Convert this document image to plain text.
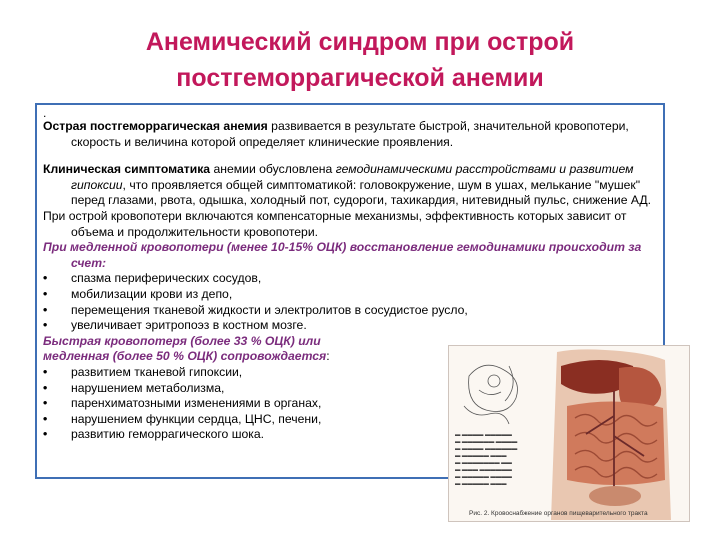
Анемический синдром при острой
постгеморрагической анемии
.

Острая постгеморрагическая анемия развивается в результате быстрой, значительной кровопотери, скорость и величина которой определяет клинические проявления.

Клиническая симптоматика анемии обусловлена гемодинамическими расстройствами и развитием гипоксии, что проявляется общей симптоматикой: головокружение, шум в ушах, мелькание "мушек" перед глазами, рвота, одышка, холодный пот, судороги, тахикардия, нитевидный пульс, снижение АД.

При острой кровопотери включаются компенсаторные механизмы, эффективность которых зависит от объема и продолжительности кровопотери.

При медленной кровопотери (менее 10-15% ОЦК) восстановление гемодинамики происходит за счет:

• спазма периферических сосудов,
• мобилизации крови из депо,
• перемещения тканевой жидкости и электролитов в сосудистое русло,
• увеличивает эритропоэз в костном мозге.

Быстрая кровопотеря (более 33 % ОЦК) или
медленная (более 50 % ОЦК) сопровождается:

• развитием тканевой гипоксии,
• нарушением метаболизма,
• паренхиматозными изменениями в органах,
• нарушением функции сердца, ЦНС, печени,
• развитию геморрагического шока.	▬ ▬▬▬▬ ▬▬▬▬▬
▬ ▬▬▬▬▬▬ ▬▬▬▬
▬ ▬▬▬▬ ▬▬▬▬▬▬
▬ ▬▬▬▬▬ ▬▬▬
▬ ▬▬▬▬▬▬▬ ▬▬
▬ ▬▬▬ ▬▬▬▬▬▬
▬ ▬▬▬▬▬ ▬▬▬▬
▬ ▬▬▬▬▬ ▬▬▬
Рис. 2. Кровоснабжение органов пищеварительного тракта
